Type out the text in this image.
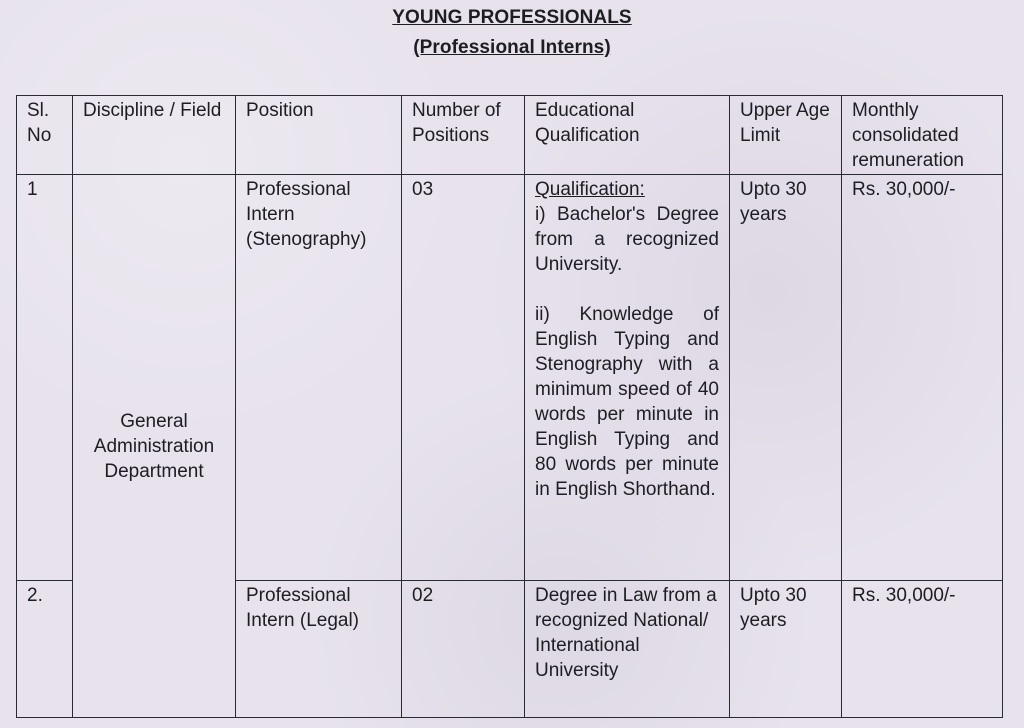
YOUNG PROFESSIONALS
(Professional Interns)
Sl. No	Discipline / Field	Position	Number of Positions	Educational Qualification	Upper Age Limit	Monthly consolidated remuneration
1	General Administration Department	Professional Intern (Stenography)	03	Qualification:
i) Bachelor's Degree from a recognized University.
ii) Knowledge of English Typing and Stenography with a minimum speed of 40 words per minute in English Typing and 80 words per minute in English Shorthand.	Upto 30 years	Rs. 30,000/-
2.		Professional Intern (Legal)	02	Degree in Law from a recognized National/ International University	Upto 30 years	Rs. 30,000/-
